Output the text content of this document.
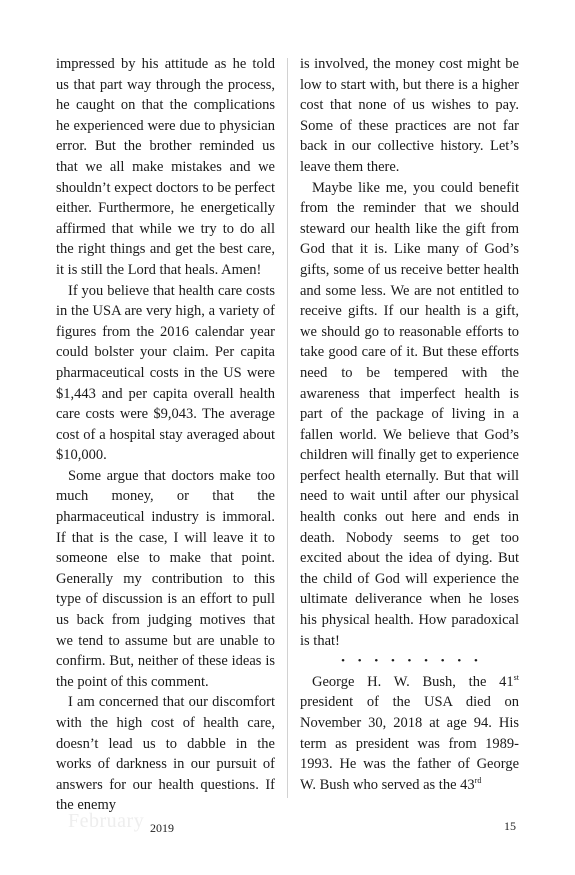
impressed by his attitude as he told us that part way through the process, he caught on that the complications he experienced were due to physician error. But the brother reminded us that we all make mistakes and we shouldn’t expect doctors to be perfect either. Furthermore, he energetically affirmed that while we try to do all the right things and get the best care, it is still the Lord that heals. Amen!

If you believe that health care costs in the USA are very high, a variety of figures from the 2016 calendar year could bolster your claim. Per capita pharmaceutical costs in the US were $1,443 and per capita overall health care costs were $9,043. The average cost of a hospital stay averaged about $10,000.

Some argue that doctors make too much money, or that the pharmaceutical industry is immoral. If that is the case, I will leave it to someone else to make that point. Generally my contribution to this type of discussion is an effort to pull us back from judging motives that we tend to assume but are unable to confirm. But, neither of these ideas is the point of this comment.

I am concerned that our discomfort with the high cost of health care, doesn’t lead us to dabble in the works of darkness in our pursuit of answers for our health questions. If the enemy

is involved, the money cost might be low to start with, but there is a higher cost that none of us wishes to pay. Some of these practices are not far back in our collective history. Let’s leave them there.

Maybe like me, you could benefit from the reminder that we should steward our health like the gift from God that it is. Like many of God’s gifts, some of us receive better health and some less. We are not entitled to receive gifts. If our health is a gift, we should go to reasonable efforts to take good care of it. But these efforts need to be tempered with the awareness that imperfect health is part of the package of living in a fallen world. We believe that God’s children will finally get to experience perfect health eternally. But that will need to wait until after our physical health conks out here and ends in death. Nobody seems to get too excited about the idea of dying. But the child of God will experience the ultimate deliverance when he loses his physical health. How paradoxical is that!

• • • • • • • • •

George H. W. Bush, the 41st president of the USA died on November 30, 2018 at age 94. His term as president was from 1989-1993. He was the father of George W. Bush who served as the 43rd

February 2019	15
